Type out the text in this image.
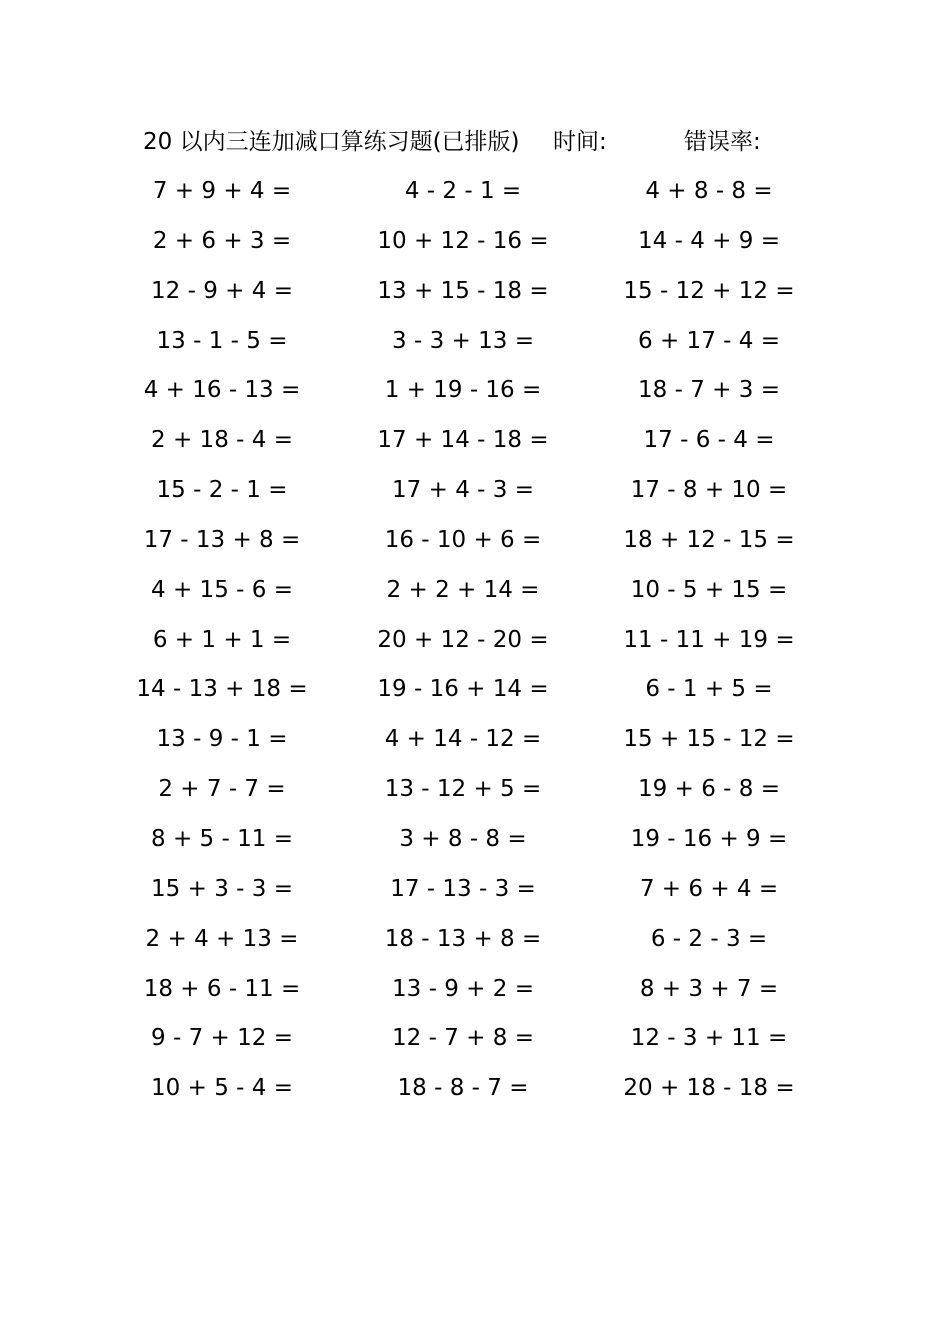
20 以内三连加减口算练习题(已排版) 时间:	错误率:
7 + 9 + 4 =	4 - 2 - 1 =	4 + 8 - 8 =
2 + 6 + 3 =	10 + 12 - 16 =	14 - 4 + 9 =
12 - 9 + 4 =	13 + 15 - 18 =	15 - 12 + 12 =
13 - 1 - 5 =	3 - 3 + 13 =	6 + 17 - 4 =
4 + 16 - 13 =	1 + 19 - 16 =	18 - 7 + 3 =
2 + 18 - 4 =	17 + 14 - 18 =	17 - 6 - 4 =
15 - 2 - 1 =	17 + 4 - 3 =	17 - 8 + 10 =
17 - 13 + 8 =	16 - 10 + 6 =	18 + 12 - 15 =
4 + 15 - 6 =	2 + 2 + 14 =	10 - 5 + 15 =
6 + 1 + 1 =	20 + 12 - 20 =	11 - 11 + 19 =
14 - 13 + 18 =	19 - 16 + 14 =	6 - 1 + 5 =
13 - 9 - 1 =	4 + 14 - 12 =	15 + 15 - 12 =
2 + 7 - 7 =	13 - 12 + 5 =	19 + 6 - 8 =
8 + 5 - 11 =	3 + 8 - 8 =	19 - 16 + 9 =
15 + 3 - 3 =	17 - 13 - 3 =	7 + 6 + 4 =
2 + 4 + 13 =	18 - 13 + 8 =	6 - 2 - 3 =
18 + 6 - 11 =	13 - 9 + 2 =	8 + 3 + 7 =
9 - 7 + 12 =	12 - 7 + 8 =	12 - 3 + 11 =
10 + 5 - 4 =	18 - 8 - 7 =	20 + 18 - 18 =
